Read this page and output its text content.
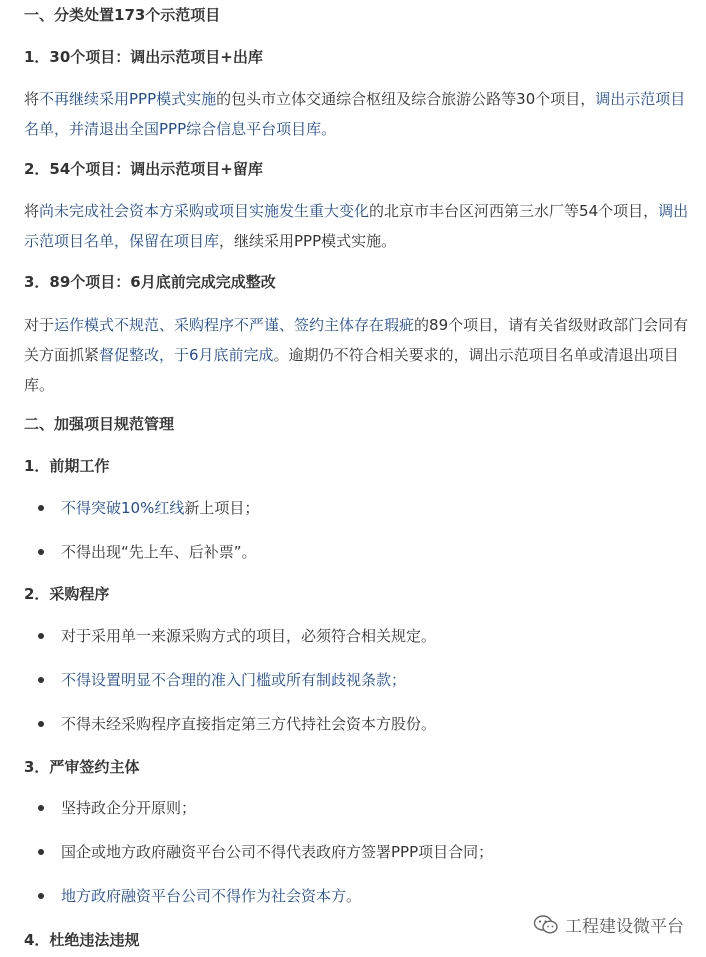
一、分类处置173个示范项目
1．30个项目：调出示范项目+出库
将不再继续采用PPP模式实施的包头市立体交通综合枢纽及综合旅游公路等30个项目，调出示范项目名单，并清退出全国PPP综合信息平台项目库。
2．54个项目：调出示范项目+留库
将尚未完成社会资本方采购或项目实施发生重大变化的北京市丰台区河西第三水厂等54个项目，调出示范项目名单，保留在项目库，继续采用PPP模式实施。
3．89个项目：6月底前完成完成整改
对于运作模式不规范、采购程序不严谨、签约主体存在瑕疵的89个项目，请有关省级财政部门会同有关方面抓紧督促整改，于6月底前完成。逾期仍不符合相关要求的，调出示范项目名单或清退出项目库。
二、加强项目规范管理
1．前期工作
不得突破10%红线新上项目；
不得出现“先上车、后补票”。
2．采购程序
对于采用单一来源采购方式的项目，必须符合相关规定。
不得设置明显不合理的准入门槛或所有制歧视条款；
不得未经采购程序直接指定第三方代持社会资本方股份。
3．严审签约主体
坚持政企分开原则；
国企或地方政府融资平台公司不得代表政府方签署PPP项目合同；
地方政府融资平台公司不得作为社会资本方。
4．杜绝违法违规
工程建设微平台
